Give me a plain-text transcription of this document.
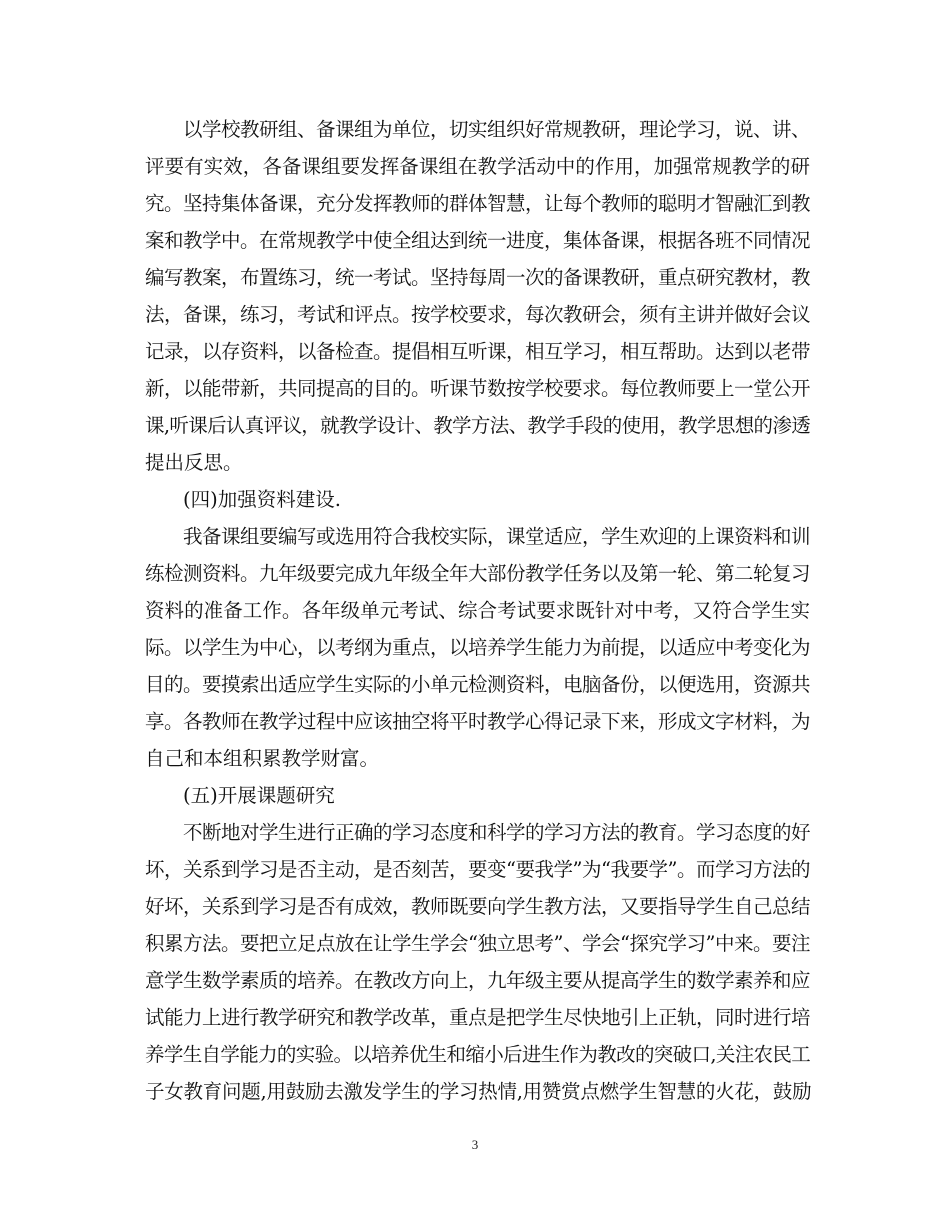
以学校教研组、备课组为单位，切实组织好常规教研，理论学习，说、讲、
评要有实效，各备课组要发挥备课组在教学活动中的作用，加强常规教学的研
究。坚持集体备课，充分发挥教师的群体智慧，让每个教师的聪明才智融汇到教
案和教学中。在常规教学中使全组达到统一进度，集体备课，根据各班不同情况
编写教案，布置练习，统一考试。坚持每周一次的备课教研，重点研究教材，教
法，备课，练习，考试和评点。按学校要求，每次教研会，须有主讲并做好会议
记录，以存资料，以备检查。提倡相互听课，相互学习，相互帮助。达到以老带
新，以能带新，共同提高的目的。听课节数按学校要求。每位教师要上一堂公开
课,听课后认真评议，就教学设计、教学方法、教学手段的使用，教学思想的渗透
提出反思。
(四)加强资料建设.
我备课组要编写或选用符合我校实际，课堂适应，学生欢迎的上课资料和训
练检测资料。九年级要完成九年级全年大部份教学任务以及第一轮、第二轮复习
资料的准备工作。各年级单元考试、综合考试要求既针对中考，又符合学生实
际。以学生为中心，以考纲为重点，以培养学生能力为前提，以适应中考变化为
目的。要摸索出适应学生实际的小单元检测资料，电脑备份，以便选用，资源共
享。各教师在教学过程中应该抽空将平时教学心得记录下来，形成文字材料，为
自己和本组积累教学财富。
(五)开展课题研究
不断地对学生进行正确的学习态度和科学的学习方法的教育。学习态度的好
坏，关系到学习是否主动，是否刻苦，要变“要我学”为“我要学”。而学习方法的
好坏，关系到学习是否有成效，教师既要向学生教方法，又要指导学生自己总结
积累方法。要把立足点放在让学生学会“独立思考”、学会“探究学习”中来。要注
意学生数学素质的培养。在教改方向上，九年级主要从提高学生的数学素养和应
试能力上进行教学研究和教学改革，重点是把学生尽快地引上正轨，同时进行培
养学生自学能力的实验。以培养优生和缩小后进生作为教改的突破口,关注农民工
子女教育问题,用鼓励去激发学生的学习热情,用赞赏点燃学生智慧的火花，鼓励
3
